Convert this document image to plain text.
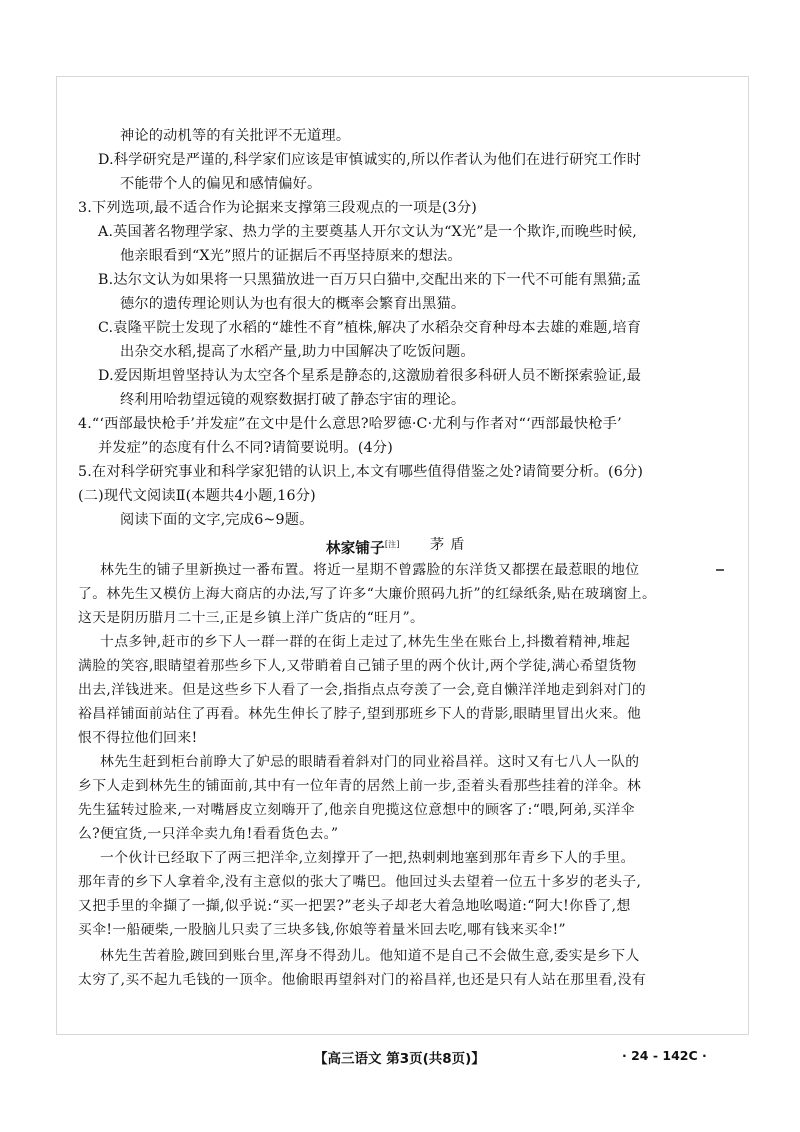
神论的动机等的有关批评不无道理。

D.科学研究是严谨的,科学家们应该是审慎诚实的,所以作者认为他们在进行研究工作时

不能带个人的偏见和感情偏好。

3.下列选项,最不适合作为论据来支撑第三段观点的一项是(3分)

A.英国著名物理学家、热力学的主要奠基人开尔文认为“X光”是一个欺诈,而晚些时候,

他亲眼看到“X光”照片的证据后不再坚持原来的想法。

B.达尔文认为如果将一只黑猫放进一百万只白猫中,交配出来的下一代不可能有黑猫;孟

德尔的遗传理论则认为也有很大的概率会繁育出黑猫。

C.袁隆平院士发现了水稻的“雄性不育”植株,解决了水稻杂交育种母本去雄的难题,培育

出杂交水稻,提高了水稻产量,助力中国解决了吃饭问题。

D.爱因斯坦曾坚持认为太空各个星系是静态的,这激励着很多科研人员不断探索验证,最

终利用哈勃望远镜的观察数据打破了静态宇宙的理论。

4.“‘西部最快枪手’并发症”在文中是什么意思?哈罗德·C·尤利与作者对“‘西部最快枪手’

并发症”的态度有什么不同?请简要说明。(4分)

5.在对科学研究事业和科学家犯错的认识上,本文有哪些值得借鉴之处?请简要分析。(6分)

(二)现代文阅读Ⅱ(本题共4小题,16分)

阅读下面的文字,完成6~9题。

林家铺子[注] 茅盾

林先生的铺子里新换过一番布置。将近一星期不曾露脸的东洋货又都摆在最惹眼的地位

了。林先生又模仿上海大商店的办法,写了许多“大廉价照码九折”的红绿纸条,贴在玻璃窗上。

这天是阴历腊月二十三,正是乡镇上洋广货店的“旺月”。

十点多钟,赶市的乡下人一群一群的在街上走过了,林先生坐在账台上,抖擞着精神,堆起

满脸的笑容,眼睛望着那些乡下人,又带睄着自己铺子里的两个伙计,两个学徒,满心希望货物

出去,洋钱进来。但是这些乡下人看了一会,指指点点夸羡了一会,竟自懒洋洋地走到斜对门的

裕昌祥铺面前站住了再看。林先生伸长了脖子,望到那班乡下人的背影,眼睛里冒出火来。他

恨不得拉他们回来!

林先生赶到柜台前睁大了妒忌的眼睛看着斜对门的同业裕昌祥。这时又有七八人一队的

乡下人走到林先生的铺面前,其中有一位年青的居然上前一步,歪着头看那些挂着的洋伞。林

先生猛转过脸来,一对嘴唇皮立刻嗨开了,他亲自兜揽这位意想中的顾客了:“喂,阿弟,买洋伞

么?便宜货,一只洋伞卖九角!看看货色去。”

一个伙计已经取下了两三把洋伞,立刻撑开了一把,热剌剌地塞到那年青乡下人的手里。

那年青的乡下人拿着伞,没有主意似的张大了嘴巴。他回过头去望着一位五十多岁的老头子,

又把手里的伞擷了一擷,似乎说:“买一把罢?”老头子却老大着急地吆喝道:“阿大!你昏了,想

买伞!一船硬柴,一股脑儿只卖了三块多钱,你娘等着量米回去吃,哪有钱来买伞!”

林先生苦着脸,踱回到账台里,浑身不得劲儿。他知道不是自己不会做生意,委实是乡下人

太穷了,买不起九毛钱的一顶伞。他偷眼再望斜对门的裕昌祥,也还是只有人站在那里看,没有

【高三语文 第3页(共8页)】	· 24 - 142C ·
